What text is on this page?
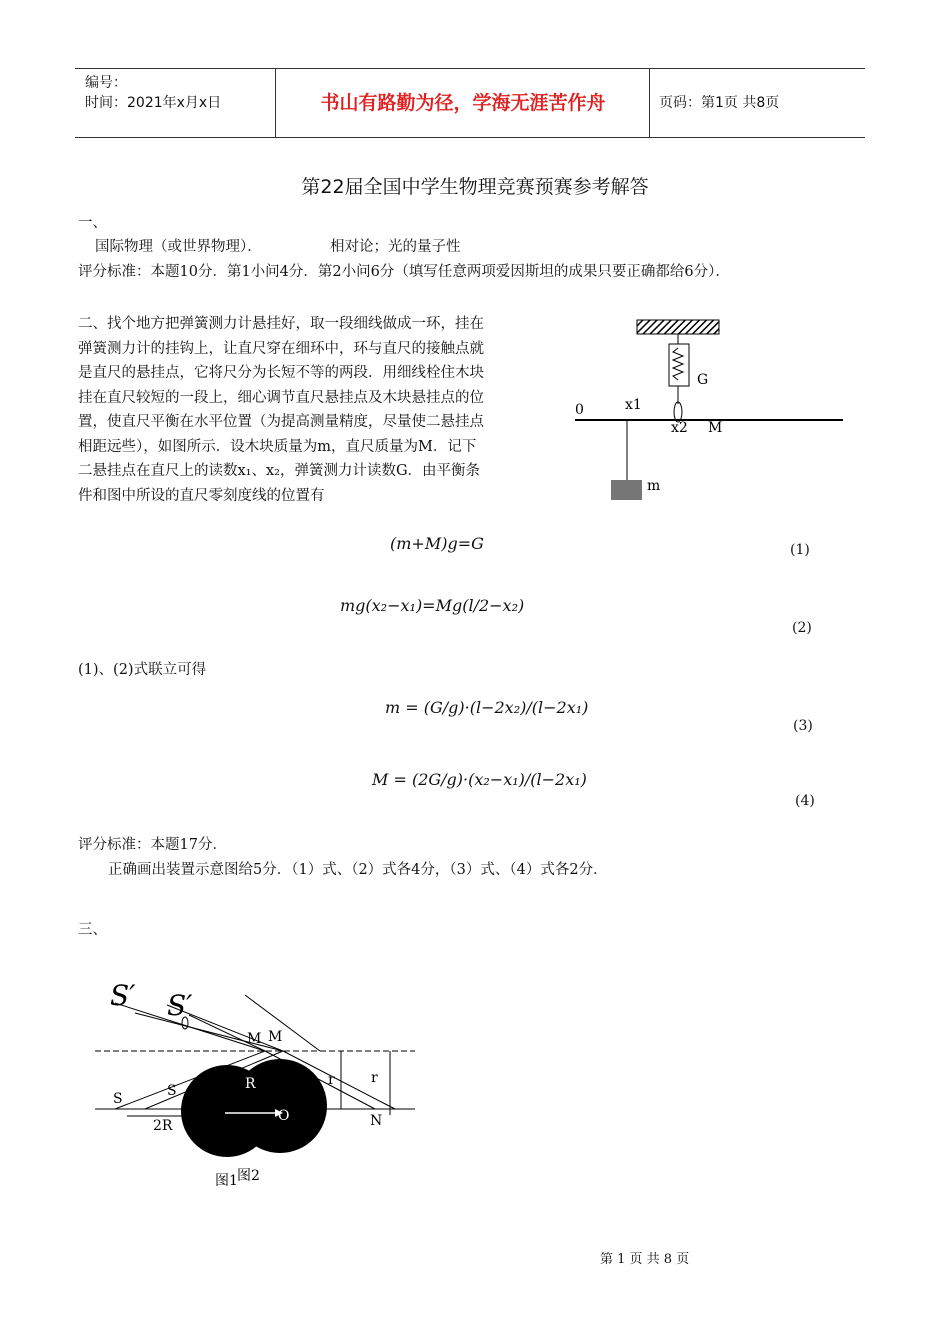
编号：
时间：2021年x月x日	书山有路勤为径，学海无涯苦作舟	页码：第1页 共8页
第22届全国中学生物理竞赛预赛参考解答
一、
国际物理（或世界物理）．	相对论；光的量子性
评分标准：本题10分．第1小问4分．第2小问6分（填写任意两项爱因斯坦的成果只要正确都给6分）．
二、找个地方把弹簧测力计悬挂好，取一段细线做成一环，挂在
弹簧测力计的挂钩上，让直尺穿在细环中，环与直尺的接触点就
是直尺的悬挂点，它将尺分为长短不等的两段．用细线栓住木块
挂在直尺较短的一段上，细心调节直尺悬挂点及木块悬挂点的位
置，使直尺平衡在水平位置（为提高测量精度，尽量使二悬挂点
相距远些），如图所示．设木块质量为m，直尺质量为M．记下
二悬挂点在直尺上的读数x₁、x₂，弹簧测力计读数G．由平衡条
件和图中所设的直尺零刻度线的位置有
G
0	x1
x2 M
m
(m+M)g=G	(1)
mg(x₂−x₁)=Mg(l/2−x₂)
(2)
(1)、(2)式联立可得
m = (G/g)·(l−2x₂)/(l−2x₁)
(3)
M = (2G/g)·(x₂−x₁)/(l−2x₁)
(4)
评分标准：本题17分．
正确画出装置示意图给5分．（1）式、（2）式各4分，（3）式、（4）式各2分．
三、
S′ S′
M M
S	S	R	r	r
O	N
2R
图1 图2
第 1 页 共 8 页
